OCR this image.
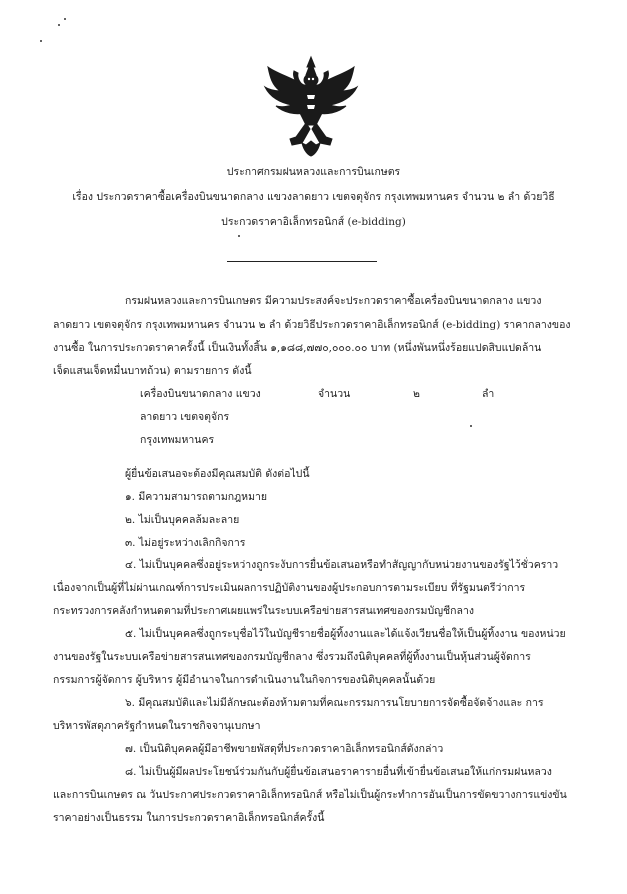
ประกาศกรมฝนหลวงและการบินเกษตร
เรื่อง ประกวดราคาซื้อเครื่องบินขนาดกลาง แขวงลาดยาว เขตจตุจักร กรุงเทพมหานคร จำนวน ๒ ลำ ด้วยวิธี
ประกวดราคาอิเล็กทรอนิกส์ (e-bidding)
กรมฝนหลวงและการบินเกษตร มีความประสงค์จะประกวดราคาซื้อเครื่องบินขนาดกลาง แขวง
ลาดยาว เขตจตุจักร กรุงเทพมหานคร จำนวน ๒ ลำ ด้วยวิธีประกวดราคาอิเล็กทรอนิกส์ (e-bidding) ราคากลางของ
งานซื้อ ในการประกวดราคาครั้งนี้ เป็นเงินทั้งสิ้น ๑,๑๘๘,๗๗๐,๐๐๐.๐๐ บาท (หนึ่งพันหนึ่งร้อยแปดสิบแปดล้าน
เจ็ดแสนเจ็ดหมื่นบาทถ้วน) ตามรายการ ดังนี้
เครื่องบินขนาดกลาง แขวง	จำนวน	๒	ลำ
ลาดยาว เขตจตุจักร
กรุงเทพมหานคร
ผู้ยื่นข้อเสนอจะต้องมีคุณสมบัติ ดังต่อไปนี้
๑. มีความสามารถตามกฎหมาย
๒. ไม่เป็นบุคคลล้มละลาย
๓. ไม่อยู่ระหว่างเลิกกิจการ
๔. ไม่เป็นบุคคลซึ่งอยู่ระหว่างถูกระงับการยื่นข้อเสนอหรือทำสัญญากับหน่วยงานของรัฐไว้ชั่วคราว
เนื่องจากเป็นผู้ที่ไม่ผ่านเกณฑ์การประเมินผลการปฏิบัติงานของผู้ประกอบการตามระเบียบ ที่รัฐมนตรีว่าการ
กระทรวงการคลังกำหนดตามที่ประกาศเผยแพร่ในระบบเครือข่ายสารสนเทศของกรมบัญชีกลาง
๕. ไม่เป็นบุคคลซึ่งถูกระบุชื่อไว้ในบัญชีรายชื่อผู้ทิ้งงานและได้แจ้งเวียนชื่อให้เป็นผู้ทิ้งงาน ของหน่วย
งานของรัฐในระบบเครือข่ายสารสนเทศของกรมบัญชีกลาง ซึ่งรวมถึงนิติบุคคลที่ผู้ทิ้งงานเป็นหุ้นส่วนผู้จัดการ
กรรมการผู้จัดการ ผู้บริหาร ผู้มีอำนาจในการดำเนินงานในกิจการของนิติบุคคลนั้นด้วย
๖. มีคุณสมบัติและไม่มีลักษณะต้องห้ามตามที่คณะกรรมการนโยบายการจัดซื้อจัดจ้างและ การ
บริหารพัสดุภาครัฐกำหนดในราชกิจจานุเบกษา
๗. เป็นนิติบุคคลผู้มีอาชีพขายพัสดุที่ประกวดราคาอิเล็กทรอนิกส์ดังกล่าว
๘. ไม่เป็นผู้มีผลประโยชน์ร่วมกันกับผู้ยื่นข้อเสนอราคารายอื่นที่เข้ายื่นข้อเสนอให้แก่กรมฝนหลวง
และการบินเกษตร ณ วันประกาศประกวดราคาอิเล็กทรอนิกส์ หรือไม่เป็นผู้กระทำการอันเป็นการขัดขวางการแข่งขัน
ราคาอย่างเป็นธรรม ในการประกวดราคาอิเล็กทรอนิกส์ครั้งนี้
